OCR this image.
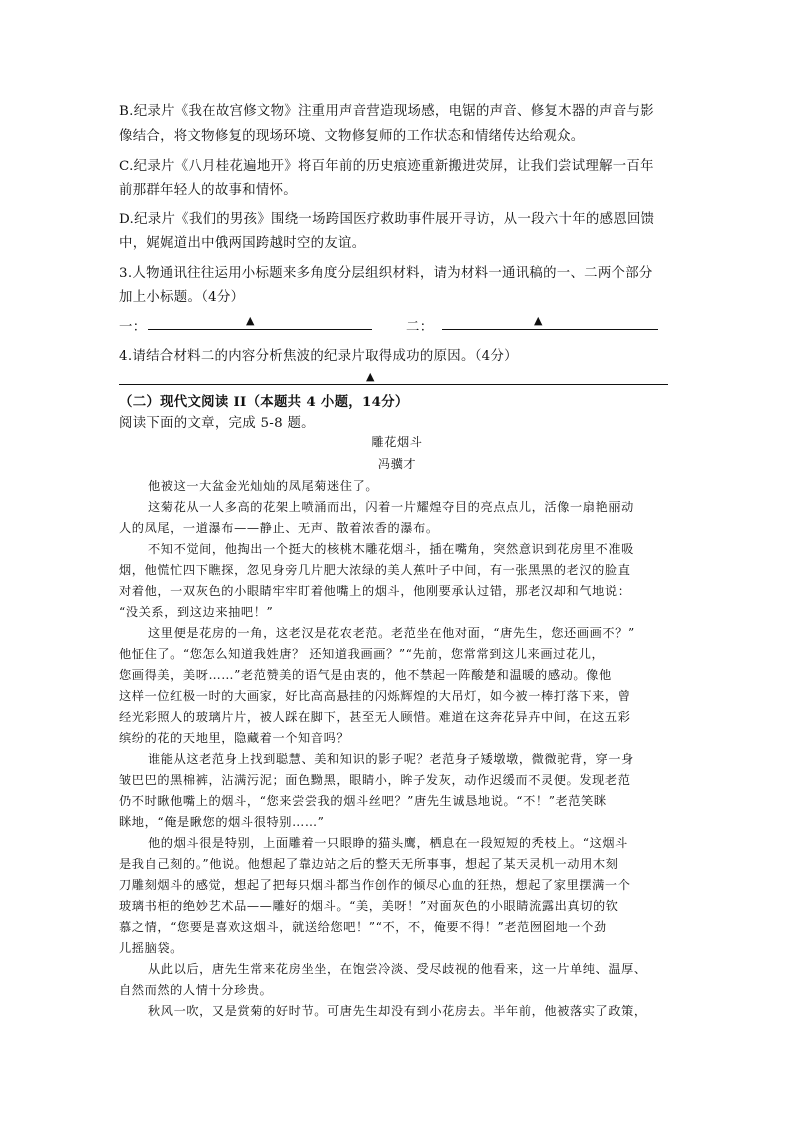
B.纪录片《我在故宫修文物》注重用声音营造现场感，电锯的声音、修复木器的声音与影
像结合，将文物修复的现场环境、文物修复师的工作状态和情绪传达给观众。
C.纪录片《八月桂花遍地开》将百年前的历史痕迹重新搬进荧屏，让我们尝试理解一百年
前那群年轻人的故事和情怀。
D.纪录片《我们的男孩》围绕一场跨国医疗救助事件展开寻访，从一段六十年的感恩回馈
中，娓娓道出中俄两国跨越时空的友谊。
3.人物通讯往往运用小标题来多角度分层组织材料，请为材料一通讯稿的一、二两个部分
加上小标题。（4分）
一：	▲	二：	▲
4.请结合材料二的内容分析焦波的纪录片取得成功的原因。（4分）
▲
（二）现代文阅读 II（本题共 4 小题，14分）
阅读下面的文章，完成 5-8 题。
雕花烟斗
冯骥才
他被这一大盆金光灿灿的凤尾菊迷住了。
这菊花从一人多高的花架上喷涌而出，闪着一片耀煌夺目的亮点点儿，活像一扇艳丽动
人的凤尾，一道瀑布——静止、无声、散着浓香的瀑布。
不知不觉间，他掏出一个挺大的核桃木雕花烟斗，插在嘴角，突然意识到花房里不准吸
烟，他慌忙四下瞧探，忽见身旁几片肥大浓绿的美人蕉叶子中间，有一张黑黑的老汉的脸直
对着他，一双灰色的小眼睛牢牢盯着他嘴上的烟斗，他刚要承认过错，那老汉却和气地说：
“没关系，到这边来抽吧！”
这里便是花房的一角，这老汉是花农老范。老范坐在他对面，“唐先生，您还画画不？”
他怔住了。“您怎么知道我姓唐？ 还知道我画画？”“先前，您常常到这儿来画过花儿，
您画得美，美呀……”老范赞美的语气是由衷的，他不禁起一阵酸楚和温暖的感动。像他
这样一位红极一时的大画家，好比高高悬挂的闪烁辉煌的大吊灯，如今被一棒打落下来，曾
经光彩照人的玻璃片片，被人踩在脚下，甚至无人顾惜。难道在这奔花异卉中间，在这五彩
缤纷的花的天地里，隐藏着一个知音吗？
谁能从这老范身上找到聪慧、美和知识的影子呢？老范身子矮墩墩，微微驼背，穿一身
皱巴巴的黑棉裤，沾满污泥；面色黝黑，眼睛小，眸子发灰，动作迟缓而不灵便。发现老范
仍不时瞅他嘴上的烟斗，“您来尝尝我的烟斗丝吧？”唐先生诚恳地说。“不！”老范笑眯
眯地，“俺是瞅您的烟斗很特别……”
他的烟斗很是特别，上面雕着一只眼睁的猫头鹰，栖息在一段短短的秃枝上。“这烟斗
是我自己刻的。”他说。他想起了靠边站之后的整天无所事事，想起了某天灵机一动用木刻
刀雕刻烟斗的感觉，想起了把每只烟斗都当作创作的倾尽心血的狂热，想起了家里摆满一个
玻璃书柜的绝妙艺术品——雕好的烟斗。“美，美呀！”对面灰色的小眼睛流露出真切的钦
慕之情，“您要是喜欢这烟斗，就送给您吧！”“不，不，俺要不得！”老范囫囵地一个劲
儿摇脑袋。
从此以后，唐先生常来花房坐坐，在饱尝冷淡、受尽歧视的他看来，这一片单纯、温厚、
自然而然的人情十分珍贵。
秋风一吹，又是赏菊的好时节。可唐先生却没有到小花房去。半年前，他被落实了政策，
